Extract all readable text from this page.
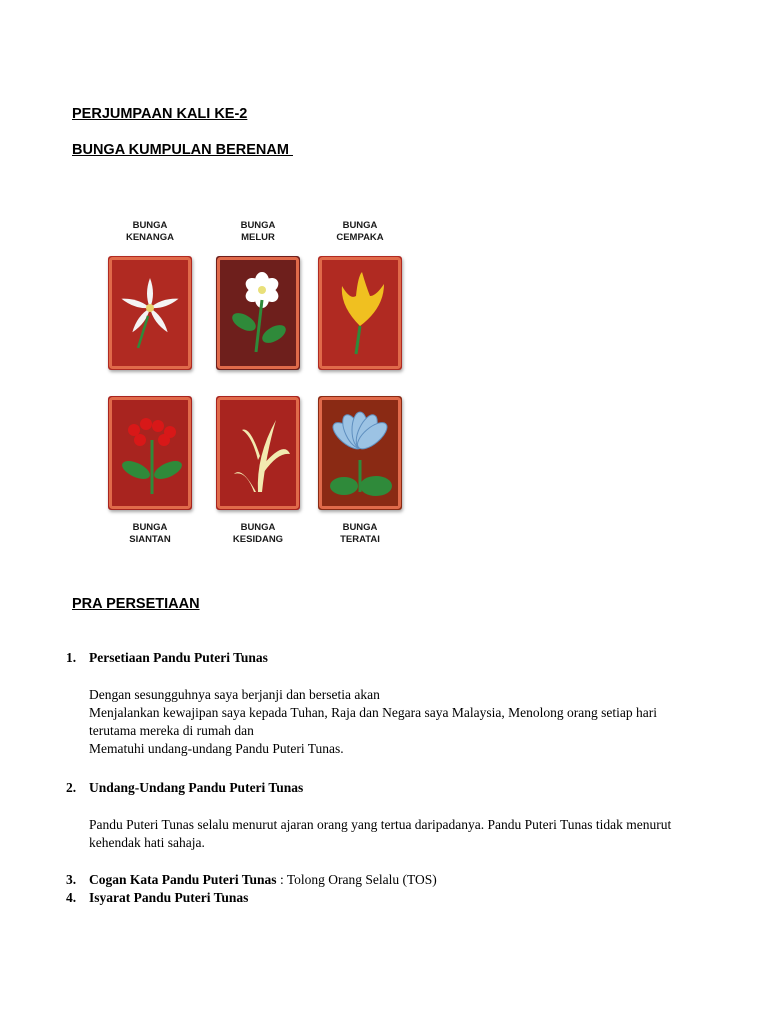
PERJUMPAAN KALI KE-2
BUNGA KUMPULAN BERENAM
BUNGA
KENANGA
BUNGA
MELUR
BUNGA
CEMPAKA
BUNGA
SIANTAN
BUNGA
KESIDANG
BUNGA
TERATAI
PRA PERSETIAAN
1. Persetiaan Pandu Puteri Tunas
Dengan sesungguhnya saya berjanji dan bersetia akan
Menjalankan kewajipan saya kepada Tuhan, Raja dan Negara saya Malaysia, Menolong orang setiap hari
terutama mereka di rumah dan
Mematuhi undang-undang Pandu Puteri Tunas.
2. Undang-Undang Pandu Puteri Tunas
Pandu Puteri Tunas selalu menurut ajaran orang yang tertua daripadanya. Pandu Puteri Tunas tidak menurut
kehendak hati sahaja.
3. Cogan Kata Pandu Puteri Tunas : Tolong Orang Selalu (TOS)
4. Isyarat Pandu Puteri Tunas
